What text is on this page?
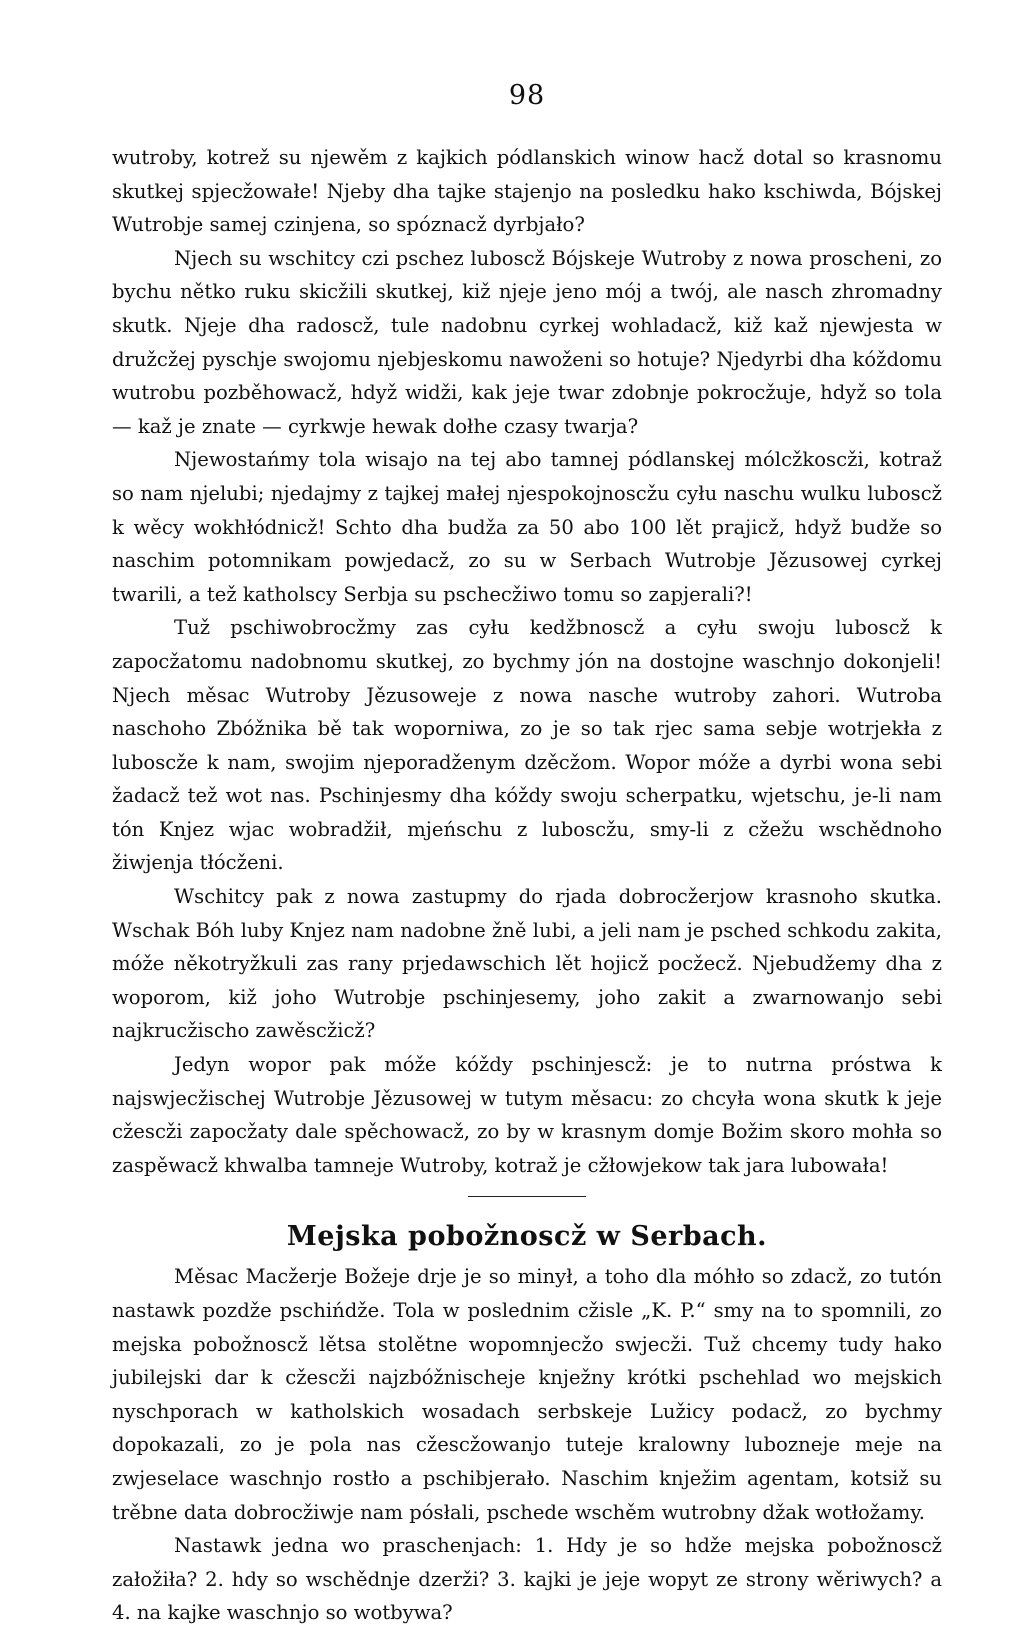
98

wutroby, kotrež su njewěm z kajkich pódlanskich winow hacž dotal so krasnomu skutkej spjecžowałe! Njeby dha tajke stajenjo na posledku hako kschiwda, Bójskej Wutrobje samej czinjena, so spóznacž dyrbjało?

Njech su wschitcy czi pschez luboscž Bójskeje Wutroby z nowa proscheni, zo bychu nětko ruku skicžili skutkej, kiž njeje jeno mój a twój, ale nasch zhromadny skutk. Njeje dha radoscž, tule nadobnu cyrkej wohladacž, kiž kaž njewjesta w družcžej pyschje swojomu njebjeskomu nawoženi so hotuje? Njedyrbi dha kóždomu wutrobu pozběhowacž, hdyž widži, kak jeje twar zdobnje pokrocžuje, hdyž so tola — kaž je znate — cyrkwje hewak dołhe czasy twarja?

Njewostańmy tola wisajo na tej abo tamnej pódlanskej mólcžkoscži, kotraž so nam njelubi; njedajmy z tajkej małej njespokojnoscžu cyłu naschu wulku luboscž k wěcy wokhłódnicž! Schto dha budža za 50 abo 100 lět prajicž, hdyž budže so naschim potomnikam powjedacž, zo su w Serbach Wutrobje Jězusowej cyrkej twarili, a tež katholscy Serbja su pschecžiwo tomu so zapjerali?!

Tuž pschiwobrocžmy zas cyłu kedžbnoscž a cyłu swoju luboscž k zapocžatomu nadobnomu skutkej, zo bychmy jón na dostojne waschnjo dokonjeli! Njech měsac Wutroby Jězusoweje z nowa nasche wutroby zahori. Wutroba naschoho Zbóžnika bě tak wopornіwa, zo je so tak rjec sama sebje wotrjekła z luboscže k nam, swojim njeporadženym dzěcžom. Wopor móže a dyrbi wona sebi žadacž tež wot nas. Pschinjesmy dha kóždy swoju scherpatku, wjetschu, je-li nam tón Knjez wjac wobradžił, mjeńschu z luboscžu, smy-li z cžežu wschědnoho žiwjenja tłócženi.

Wschitcy pak z nowa zastupmy do rjada dobrocžerjow krasnoho skutka. Wschak Bóh luby Knjez nam nadobne žně lubi, a jeli nam je pschеd schkodu zakita, móže někotryžkuli zas rany prjedawschich lět hojicž pocžecž. Njebudžemy dha z woporom, kiž joho Wutrobje pschinjesemy, joho zakit a zwarnowanjo sebi najkrucžischo zawěscžicž?

Jedyn wopor pak móže kóždy pschinjescž: je to nutrna próstwa k najswjecžischej Wutrobje Jězusowej w tutym měsacu: zo chcyła wona skutk k jeje cžescži zapocžaty dale spěchowacž, zo by w krasnym domje Božim skoro mohła so zaspěwacž khwalba tamneje Wutroby, kotraž je cžłowjekow tak jara lubowała!

Mejska pobožnoscž w Serbach.

Měsac Macžerje Božeje drje je so minył, a toho dla móhło so zdacž, zo tutón nastawk pozdže pschińdže. Tola w poslednim cžisle „K. P.“ smy na to spomnili, zo mejska pobožnoscž lětsa stolětne wopomnjecžo swjecži. Tuž chcemy tudy hako jubilejski dar k cžescži najzbóžnischeje knježny krótki pschehlad wo mejskich nyschporach w katholskich wosadach serbskeje Lužicy podacž, zo bychmy dopokazali, zo je pola nas cžescžowanjo tuteje kralowny luboznеje meje na zwjeselace waschnjo rostło a pschibjerało. Naschim knježim agentam, kotsiž su trěbne data dobrocžiwje nam pósłali, pschede wschěm wutrobny džak wotłožamy.

Nastawk jedna wo praschenjach: 1. Hdy je so hdže mejska pobožnoscž załožiła? 2. hdy so wschědnje dzerži? 3. kajki je jeje wopyt ze strony wěriwych? a 4. na kajke waschnjo so wotbywa?
